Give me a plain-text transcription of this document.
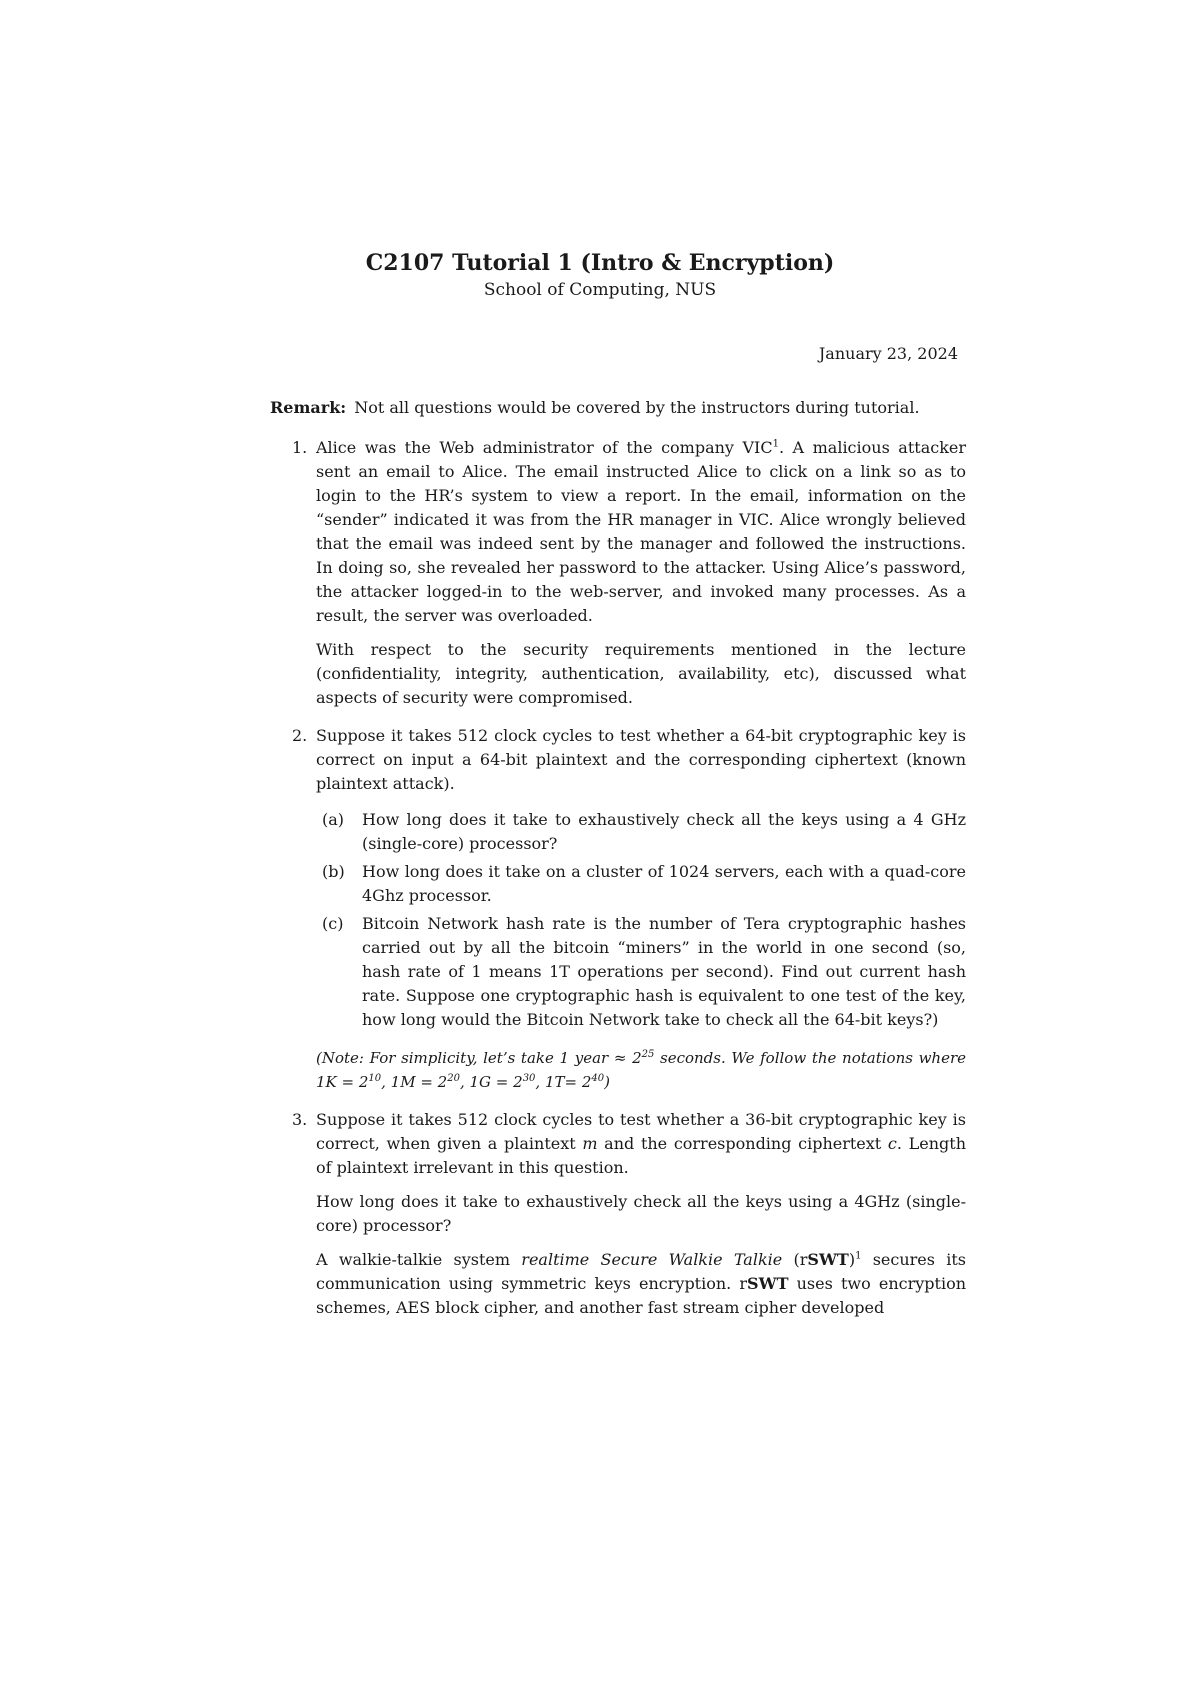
C2107 Tutorial 1 (Intro & Encryption)

School of Computing, NUS

January 23, 2024

Remark: Not all questions would be covered by the instructors during tutorial.

1. Alice was the Web administrator of the company VIC$^1$. A malicious attacker sent an email to Alice. The email instructed Alice to click on a link so as to login to the HR’s system to view a report. In the email, information on the “sender” indicated it was from the HR manager in VIC. Alice wrongly believed that the email was indeed sent by the manager and followed the instructions. In doing so, she revealed her password to the attacker. Using Alice’s password, the attacker logged-in to the web-server, and invoked many processes. As a result, the server was overloaded.

With respect to the security requirements mentioned in the lecture (confidentiality, integrity, authentication, availability, etc), discussed what aspects of security were compromised.

2. Suppose it takes 512 clock cycles to test whether a 64-bit cryptographic key is correct on input a 64-bit plaintext and the corresponding ciphertext (known plaintext attack).

(a) How long does it take to exhaustively check all the keys using a 4 GHz (single-core) processor?
(b) How long does it take on a cluster of 1024 servers, each with a quad-core 4Ghz processor.
(c) Bitcoin Network hash rate is the number of Tera cryptographic hashes carried out by all the bitcoin “miners” in the world in one second (so, hash rate of 1 means 1T operations per second). Find out current hash rate. Suppose one cryptographic hash is equivalent to one test of the key, how long would the Bitcoin Network take to check all the 64-bit keys?)

(Note: For simplicity, let’s take 1 year ≈ $2^{25}$ seconds. We follow the notations where $1K = 2^{10}$, $1M = 2^{20}$, $1G = 2^{30}$, $1T= 2^{40}$)

3. Suppose it takes 512 clock cycles to test whether a 36-bit cryptographic key is correct, when given a plaintext m and the corresponding ciphertext c. Length of plaintext irrelevant in this question.

How long does it take to exhaustively check all the keys using a 4GHz (single-core) processor?

A walkie-talkie system realtime Secure Walkie Talkie (rSWT)$^1$ secures its communication using symmetric keys encryption. rSWT uses two encryption schemes, AES block cipher, and another fast stream cipher developed
